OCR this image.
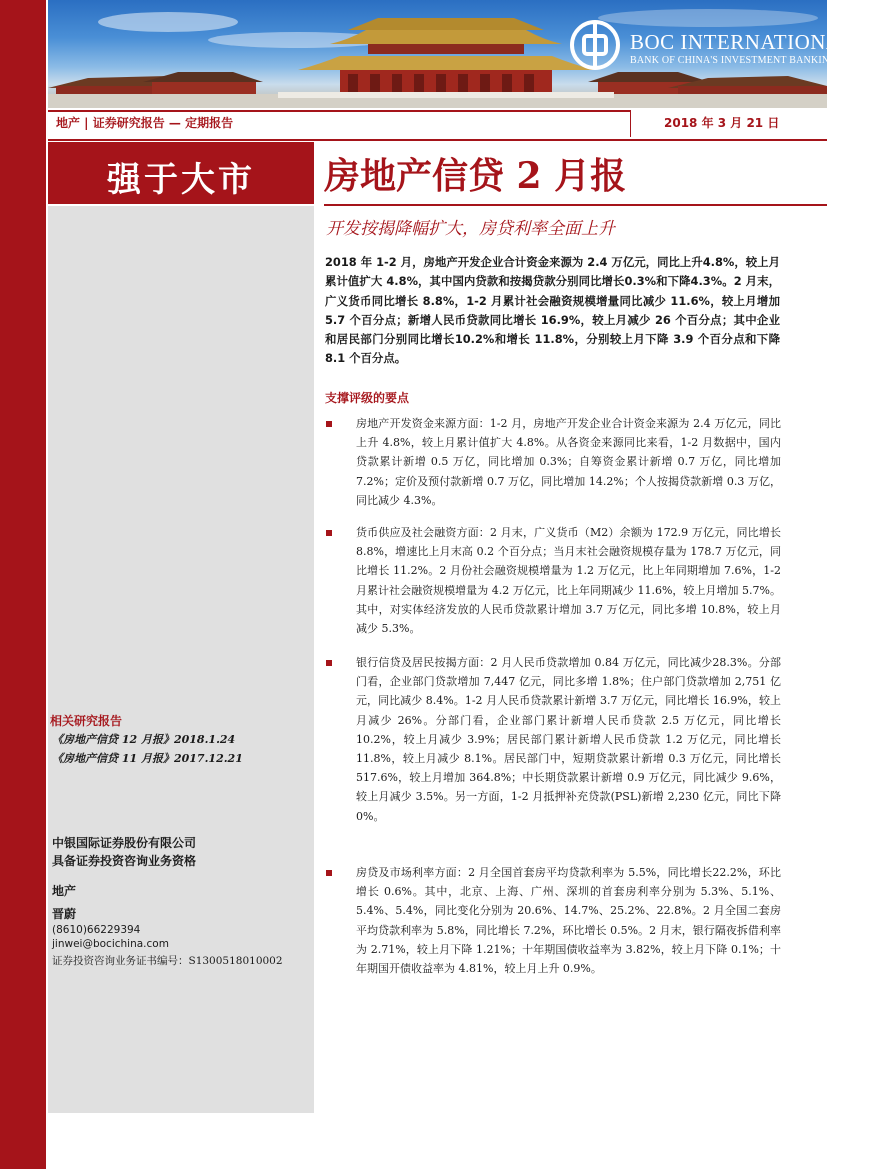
BOC INTERNATIONAL
BANK OF CHINA'S INVESTMENT BANKING GROUP
地产 | 证券研究报告 — 定期报告	2018 年 3 月 21 日
强于大市
相关研究报告
《房地产信贷 12 月报》2018.1.24
《房地产信贷 11 月报》2017.12.21
中银国际证券股份有限公司
具备证券投资咨询业务资格
地产
晋蔚
(8610)66229394
jinwei@bocichina.com
证券投资咨询业务证书编号：S1300518010002
房地产信贷 2 月报
开发按揭降幅扩大，房贷利率全面上升
2018 年 1-2 月，房地产开发企业合计资金来源为 2.4 万亿元，同比上升4.8%，较上月累计值扩大 4.8%，其中国内贷款和按揭贷款分别同比增长0.3%和下降4.3%。2 月末，广义货币同比增长 8.8%，1-2 月累计社会融资规模增量同比减少 11.6%，较上月增加 5.7 个百分点；新增人民币贷款同比增长 16.9%，较上月减少 26 个百分点；其中企业和居民部门分别同比增长10.2%和增长 11.8%，分别较上月下降 3.9 个百分点和下降 8.1 个百分点。
支撑评级的要点
房地产开发资金来源方面：1-2 月，房地产开发企业合计资金来源为 2.4 万亿元，同比上升 4.8%，较上月累计值扩大 4.8%。从各资金来源同比来看，1-2 月数据中，国内贷款累计新增 0.5 万亿，同比增加 0.3%；自筹资金累计新增 0.7 万亿，同比增加 7.2%；定价及预付款新增 0.7 万亿，同比增加 14.2%；个人按揭贷款新增 0.3 万亿，同比减少 4.3%。
货币供应及社会融资方面：2 月末，广义货币（M2）余额为 172.9 万亿元，同比增长 8.8%，增速比上月末高 0.2 个百分点；当月末社会融资规模存量为 178.7 万亿元，同比增长 11.2%。2 月份社会融资规模增量为 1.2 万亿元，比上年同期增加 7.6%，1-2 月累计社会融资规模增量为 4.2 万亿元，比上年同期减少 11.6%，较上月增加 5.7%。其中，对实体经济发放的人民币贷款累计增加 3.7 万亿元，同比多增 10.8%，较上月减少 5.3%。
银行信贷及居民按揭方面：2 月人民币贷款增加 0.84 万亿元，同比减少28.3%。分部门看，企业部门贷款增加 7,447 亿元，同比多增 1.8%；住户部门贷款增加 2,751 亿元，同比减少 8.4%。1-2 月人民币贷款累计新增 3.7 万亿元，同比增长 16.9%，较上月减少 26%。分部门看，企业部门累计新增人民币贷款 2.5 万亿元，同比增长 10.2%，较上月减少 3.9%；居民部门累计新增人民币贷款 1.2 万亿元，同比增长 11.8%，较上月减少 8.1%。居民部门中，短期贷款累计新增 0.3 万亿元，同比增长 517.6%，较上月增加 364.8%；中长期贷款累计新增 0.9 万亿元，同比减少 9.6%，较上月减少 3.5%。另一方面，1-2 月抵押补充贷款(PSL)新增 2,230 亿元，同比下降 0%。
房贷及市场利率方面：2 月全国首套房平均贷款利率为 5.5%，同比增长22.2%，环比增长 0.6%。其中，北京、上海、广州、深圳的首套房利率分别为 5.3%、5.1%、5.4%、5.4%，同比变化分别为 20.6%、14.7%、25.2%、22.8%。2 月全国二套房平均贷款利率为 5.8%，同比增长 7.2%，环比增长 0.5%。2 月末，银行隔夜拆借利率为 2.71%，较上月下降 1.21%；十年期国债收益率为 3.82%，较上月下降 0.1%；十年期国开债收益率为 4.81%，较上月上升 0.9%。
